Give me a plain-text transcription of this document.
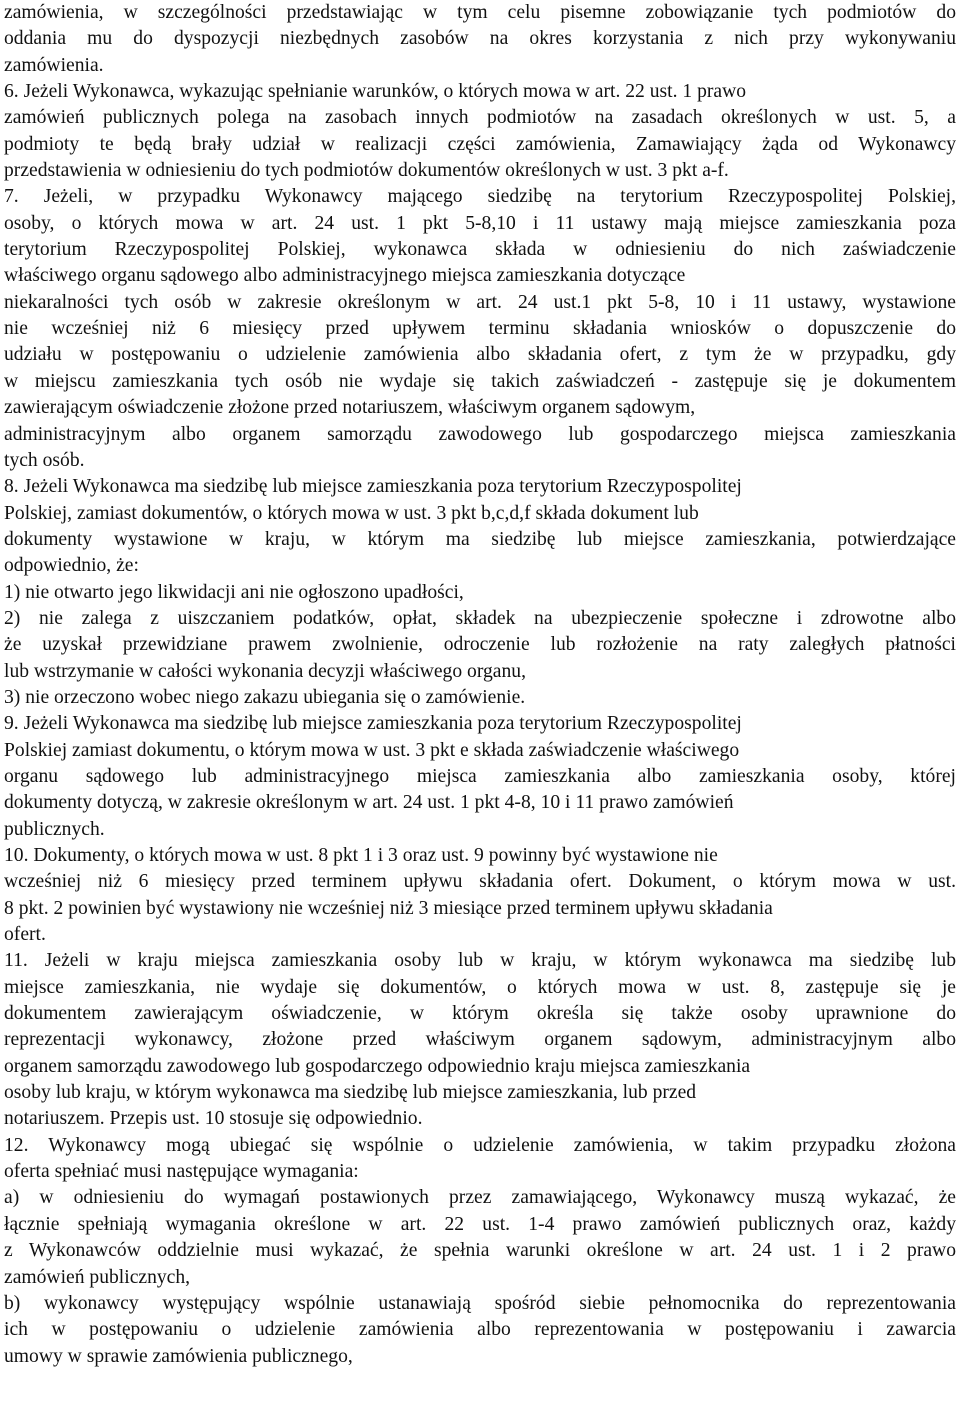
zamówienia, w szczególności przedstawiając w tym celu pisemne zobowiązanie tych podmiotów do
oddania mu do dyspozycji niezbędnych zasobów na okres korzystania z nich przy wykonywaniu
zamówienia.
6. Jeżeli Wykonawca, wykazując spełnianie warunków, o których mowa w art. 22 ust. 1 prawo
zamówień publicznych polega na zasobach innych podmiotów na zasadach określonych w ust. 5, a
podmioty te będą brały udział w realizacji części zamówienia, Zamawiający żąda od Wykonawcy
przedstawienia w odniesieniu do tych podmiotów dokumentów określonych w ust. 3 pkt a-f.
7. Jeżeli, w przypadku Wykonawcy mającego siedzibę na terytorium Rzeczypospolitej Polskiej,
osoby, o których mowa w art. 24 ust. 1 pkt 5-8,10 i 11 ustawy mają miejsce zamieszkania poza
terytorium Rzeczypospolitej Polskiej, wykonawca składa w odniesieniu do nich zaświadczenie
właściwego organu sądowego albo administracyjnego miejsca zamieszkania dotyczące
niekaralności tych osób w zakresie określonym w art. 24 ust.1 pkt 5-8, 10 i 11 ustawy, wystawione
nie wcześniej niż 6 miesięcy przed upływem terminu składania wniosków o dopuszczenie do
udziału w postępowaniu o udzielenie zamówienia albo składania ofert, z tym że w przypadku, gdy
w miejscu zamieszkania tych osób nie wydaje się takich zaświadczeń - zastępuje się je dokumentem
zawierającym oświadczenie złożone przed notariuszem, właściwym organem sądowym,
administracyjnym albo organem samorządu zawodowego lub gospodarczego miejsca zamieszkania
tych osób.
8. Jeżeli Wykonawca ma siedzibę lub miejsce zamieszkania poza terytorium Rzeczypospolitej
Polskiej, zamiast dokumentów, o których mowa w ust. 3 pkt b,c,d,f składa dokument lub
dokumenty wystawione w kraju, w którym ma siedzibę lub miejsce zamieszkania, potwierdzające
odpowiednio, że:
1) nie otwarto jego likwidacji ani nie ogłoszono upadłości,
2) nie zalega z uiszczaniem podatków, opłat, składek na ubezpieczenie społeczne i zdrowotne albo
że uzyskał przewidziane prawem zwolnienie, odroczenie lub rozłożenie na raty zaległych płatności
lub wstrzymanie w całości wykonania decyzji właściwego organu,
3) nie orzeczono wobec niego zakazu ubiegania się o zamówienie.
9. Jeżeli Wykonawca ma siedzibę lub miejsce zamieszkania poza terytorium Rzeczypospolitej
Polskiej zamiast dokumentu, o którym mowa w ust. 3 pkt e składa zaświadczenie właściwego
organu sądowego lub administracyjnego miejsca zamieszkania albo zamieszkania osoby, której
dokumenty dotyczą, w zakresie określonym w art. 24 ust. 1 pkt 4-8, 10 i 11 prawo zamówień
publicznych.
10. Dokumenty, o których mowa w ust. 8 pkt 1 i 3 oraz ust. 9 powinny być wystawione nie
wcześniej niż 6 miesięcy przed terminem upływu składania ofert. Dokument, o którym mowa w ust.
8 pkt. 2 powinien być wystawiony nie wcześniej niż 3 miesiące przed terminem upływu składania
ofert.
11. Jeżeli w kraju miejsca zamieszkania osoby lub w kraju, w którym wykonawca ma siedzibę lub
miejsce zamieszkania, nie wydaje się dokumentów, o których mowa w ust. 8, zastępuje się je
dokumentem zawierającym oświadczenie, w którym określa się także osoby uprawnione do
reprezentacji wykonawcy, złożone przed właściwym organem sądowym, administracyjnym albo
organem samorządu zawodowego lub gospodarczego odpowiednio kraju miejsca zamieszkania
osoby lub kraju, w którym wykonawca ma siedzibę lub miejsce zamieszkania, lub przed
notariuszem. Przepis ust. 10 stosuje się odpowiednio.
12. Wykonawcy mogą ubiegać się wspólnie o udzielenie zamówienia, w takim przypadku złożona
oferta spełniać musi następujące wymagania:
a) w odniesieniu do wymagań postawionych przez zamawiającego, Wykonawcy muszą wykazać, że
łącznie spełniają wymagania określone w art. 22 ust. 1-4 prawo zamówień publicznych oraz, każdy
z Wykonawców oddzielnie musi wykazać, że spełnia warunki określone w art. 24 ust. 1 i 2 prawo
zamówień publicznych,
b) wykonawcy występujący wspólnie ustanawiają spośród siebie pełnomocnika do reprezentowania
ich w postępowaniu o udzielenie zamówienia albo reprezentowania w postępowaniu i zawarcia
umowy w sprawie zamówienia publicznego,
